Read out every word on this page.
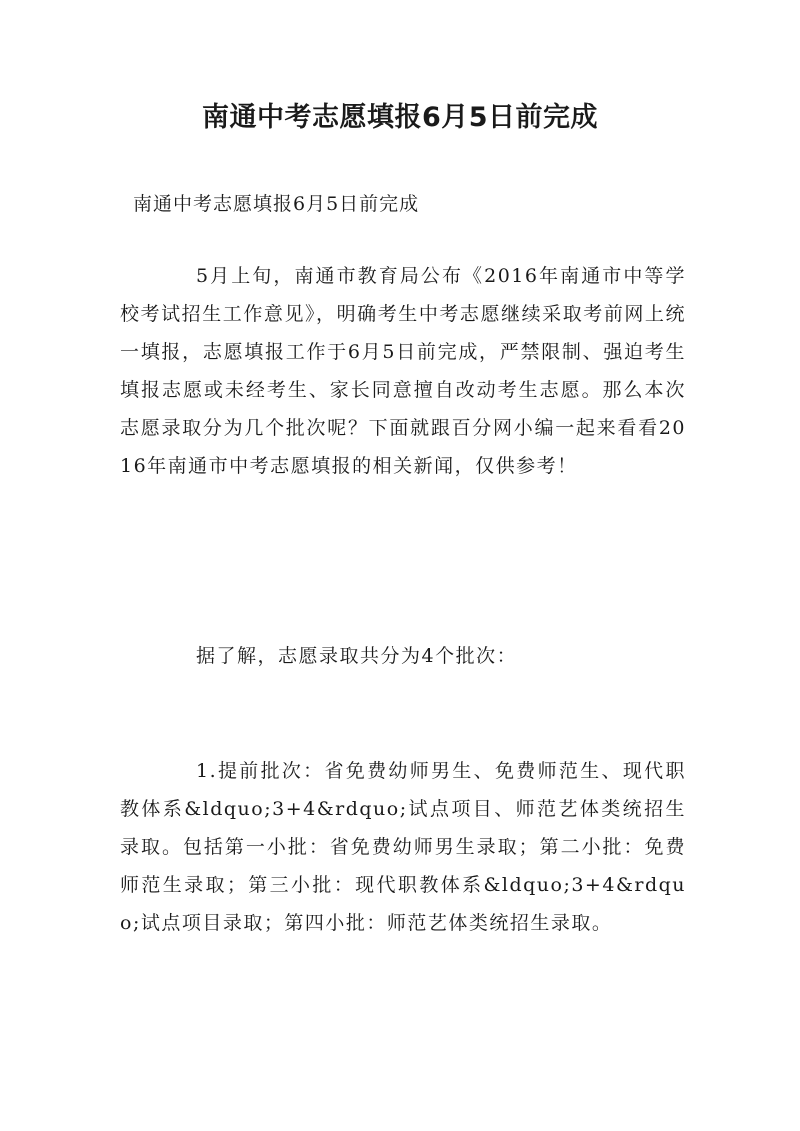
南通中考志愿填报6月5日前完成
南通中考志愿填报6月5日前完成
5月上旬，南通市教育局公布《2016年南通市中等学校考试招生工作意见》，明确考生中考志愿继续采取考前网上统一填报，志愿填报工作于6月5日前完成，严禁限制、强迫考生填报志愿或未经考生、家长同意擅自改动考生志愿。那么本次志愿录取分为几个批次呢？下面就跟百分网小编一起来看看2016年南通市中考志愿填报的相关新闻，仅供参考！
据了解，志愿录取共分为4个批次：
1.提前批次：省免费幼师男生、免费师范生、现代职教体系&ldquo;3+4&rdquo;试点项目、师范艺体类统招生录取。包括第一小批：省免费幼师男生录取；第二小批：免费师范生录取；第三小批：现代职教体系&ldquo;3+4&rdquo;试点项目录取；第四小批：师范艺体类统招生录取。
